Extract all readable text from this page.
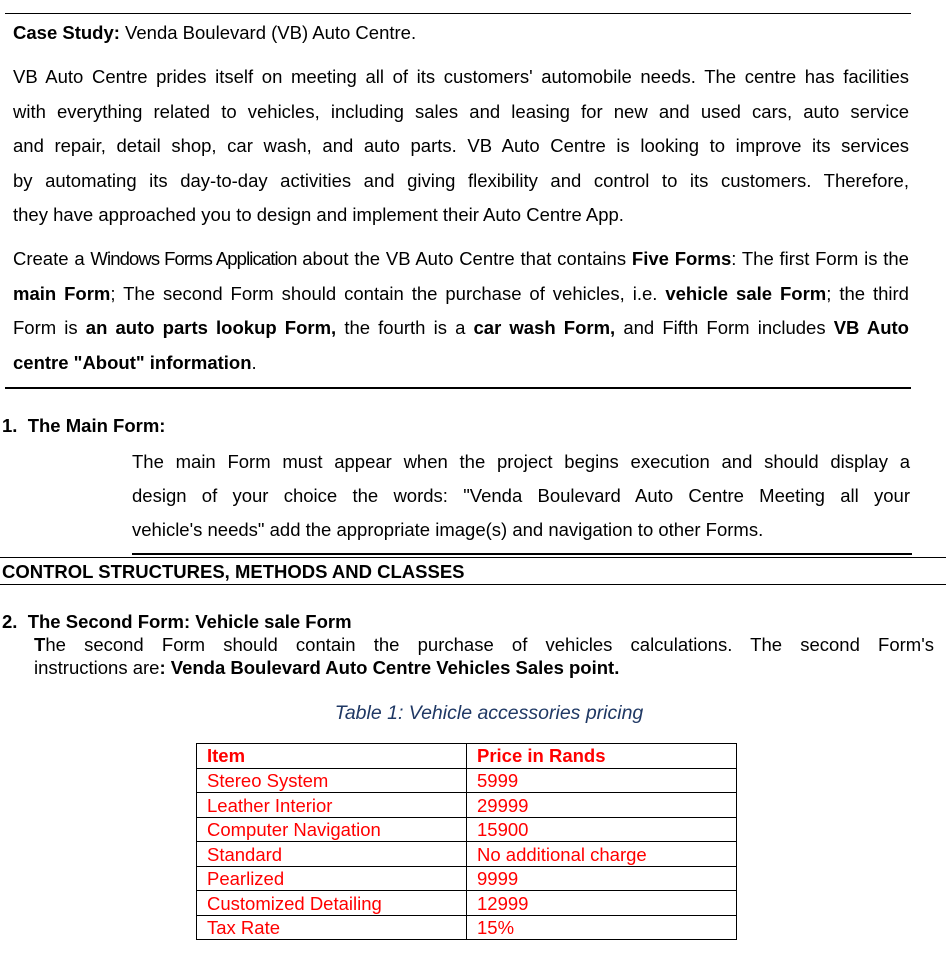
Case Study: Venda Boulevard (VB) Auto Centre.
VB Auto Centre prides itself on meeting all of its customers' automobile needs. The centre has facilities
with everything related to vehicles, including sales and leasing for new and used cars, auto service
and repair, detail shop, car wash, and auto parts. VB Auto Centre is looking to improve its services
by automating its day-to-day activities and giving flexibility and control to its customers. Therefore,
they have approached you to design and implement their Auto Centre App.
Create a Windows Forms Application about the VB Auto Centre that contains Five Forms: The first Form is the main Form; The second Form should contain the purchase of vehicles, i.e. vehicle sale Form; the third Form is an auto parts lookup Form, the fourth is a car wash Form, and Fifth Form includes VB Auto centre "About" information.
1.  The Main Form:
The main Form must appear when the project begins execution and should display a
design of your choice the words: "Venda Boulevard Auto Centre Meeting all your
vehicle's needs" add the appropriate image(s) and navigation to other Forms.
CONTROL STRUCTURES, METHODS AND CLASSES
2.  The Second Form: Vehicle sale Form
The second Form should contain the purchase of vehicles calculations. The second Form's
instructions are: Venda Boulevard Auto Centre Vehicles Sales point.
Table 1: Vehicle accessories pricing
Item	Price in Rands
Stereo System	5999
Leather Interior	29999
Computer Navigation	15900
Standard	No additional charge
Pearlized	9999
Customized Detailing	12999
Tax Rate	15%
